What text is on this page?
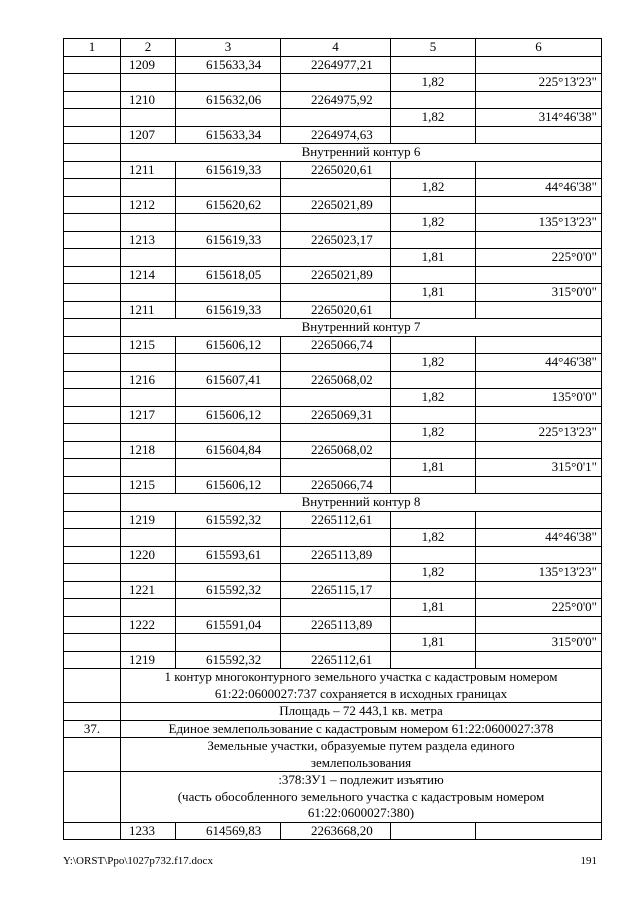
1	2	3	4	5	6
	1209	615633,34	2264977,21		
				1,82	225°13'23"
	1210	615632,06	2264975,92		
				1,82	314°46'38"
	1207	615633,34	2264974,63		
	Внутренний контур 6				
	1211	615619,33	2265020,61		
				1,82	44°46'38"
	1212	615620,62	2265021,89		
				1,82	135°13'23"
	1213	615619,33	2265023,17		
				1,81	225°0'0"
	1214	615618,05	2265021,89		
				1,81	315°0'0"
	1211	615619,33	2265020,61		
	Внутренний контур 7				
	1215	615606,12	2265066,74		
				1,82	44°46'38"
	1216	615607,41	2265068,02		
				1,82	135°0'0"
	1217	615606,12	2265069,31		
				1,82	225°13'23"
	1218	615604,84	2265068,02		
				1,81	315°0'1"
	1215	615606,12	2265066,74		
	Внутренний контур 8				
	1219	615592,32	2265112,61		
				1,82	44°46'38"
	1220	615593,61	2265113,89		
				1,82	135°13'23"
	1221	615592,32	2265115,17		
				1,81	225°0'0"
	1222	615591,04	2265113,89		
				1,81	315°0'0"
	1219	615592,32	2265112,61		

	1 контур многоконтурного земельного участка с кадастровым номером
61:22:0600027:737 сохраняется в исходных границах				

	Площадь – 72 443,1 кв. метра				
37.	Единое землепользование с кадастровым номером 61:22:0600027:378				

	Земельные участки, образуемые путем раздела единого
землепользования				

	:378:ЗУ1 – подлежит изъятию
(часть обособленного земельного участка с кадастровым номером
61:22:0600027:380)				

	1233	614569,83	2263668,20		
Y:\ORST\Ppo\1027p732.f17.docx	191
